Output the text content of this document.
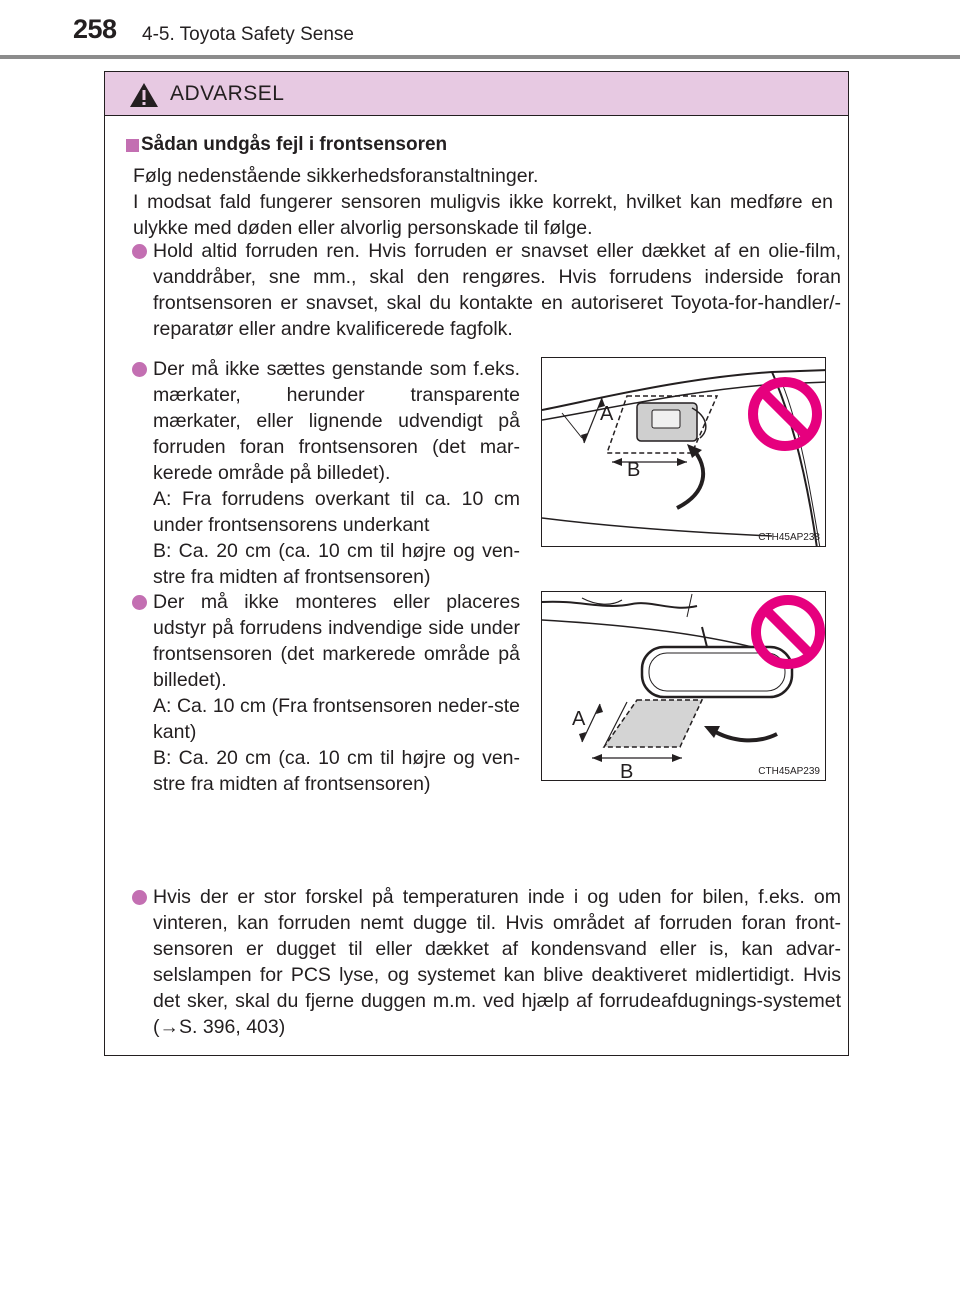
258 4-5. Toyota Safety Sense
ADVARSEL
Sådan undgås fejl i frontsensoren

Følg nedenstående sikkerhedsforanstaltninger.
I modsat fald fungerer sensoren muligvis ikke korrekt, hvilket kan medføre en ulykke med døden eller alvorlig personskade til følge.

Hold altid forruden ren. Hvis forruden er snavset eller dækket af en olie-film, vanddråber, sne mm., skal den rengøres. Hvis forrudens inderside foran frontsensoren er snavset, skal du kontakte en autoriseret Toyota-for-handler/-reparatør eller andre kvalificerede fagfolk.

Der må ikke sættes genstande som f.eks. mærkater, herunder transparente mærkater, eller lignende udvendigt på forruden foran frontsensoren (det mar-kerede område på billedet).
A: Fra forrudens overkant til ca. 10 cm under frontsensorens underkant
B: Ca. 20 cm (ca. 10 cm til højre og ven-stre fra midten af frontsensoren)

A
B
CTH45AP238

Der må ikke monteres eller placeres udstyr på forrudens indvendige side under frontsensoren (det markerede område på billedet).
A: Ca. 10 cm (Fra frontsensoren neder-ste kant)
B: Ca. 20 cm (ca. 10 cm til højre og ven-stre fra midten af frontsensoren)

A
B	CTH45AP239

Hvis der er stor forskel på temperaturen inde i og uden for bilen, f.eks. om vinteren, kan forruden nemt dugge til. Hvis området af forruden foran front-sensoren er dugget til eller dækket af kondensvand eller is, kan advar-selslampen for PCS lyse, og systemet kan blive deaktiveret midlertidigt. Hvis det sker, skal du fjerne duggen m.m. ved hjælp af forrudeafdugnings-systemet (→S. 396, 403)
